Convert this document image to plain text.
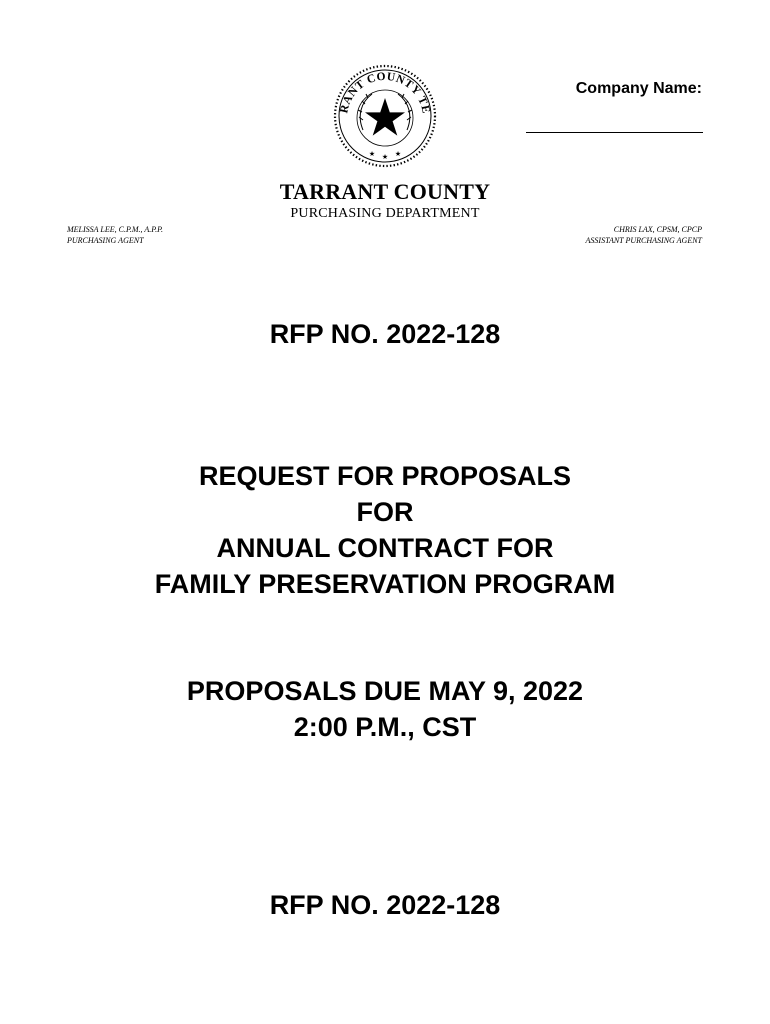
RANT COUNTY TE
★ ★ ★
Company Name:
TARRANT COUNTY
PURCHASING DEPARTMENT
MELISSA LEE, C.P.M., A.P.P.
PURCHASING AGENT
CHRIS LAX, CPSM, CPCP
ASSISTANT PURCHASING AGENT
RFP NO. 2022-128
REQUEST FOR PROPOSALS
FOR
ANNUAL CONTRACT FOR
FAMILY PRESERVATION PROGRAM
PROPOSALS DUE MAY 9, 2022
2:00 P.M., CST
RFP NO. 2022-128
